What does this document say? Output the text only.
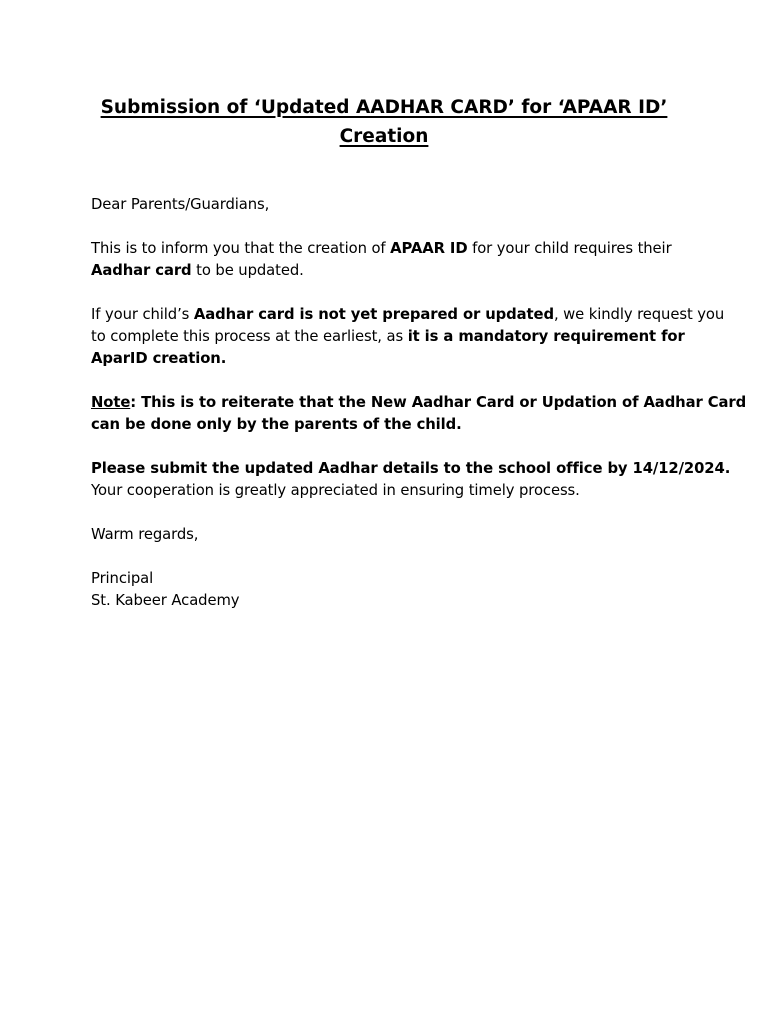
Submission of ‘Updated AADHAR CARD’ for ‘APAAR ID’
Creation
Dear Parents/Guardians,
This is to inform you that the creation of APAAR ID for your child requires their
Aadhar card to be updated.
If your child’s Aadhar card is not yet prepared or updated, we kindly request you
to complete this process at the earliest, as it is a mandatory requirement for
AparID creation.
Note: This is to reiterate that the New Aadhar Card or Updation of Aadhar Card
can be done only by the parents of the child.
Please submit the updated Aadhar details to the school office by 14/12/2024.
Your cooperation is greatly appreciated in ensuring timely process.
Warm regards,
Principal
St. Kabeer Academy
